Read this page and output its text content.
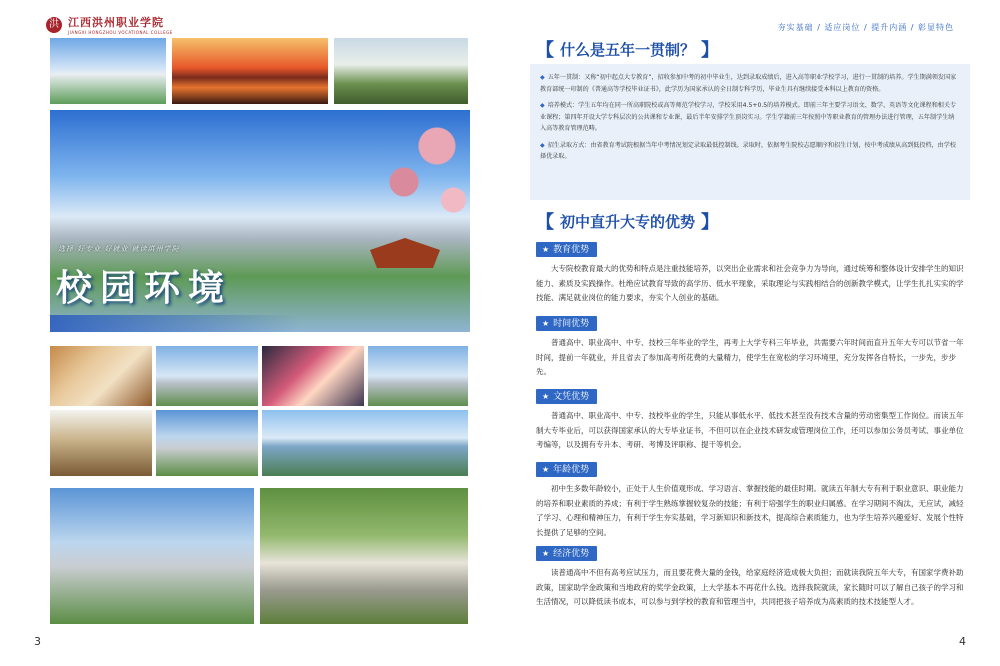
洪 江西洪州职业学院
JIANGXI HONGZHOU VOCATIONAL COLLEGE
选择 好专业 好就业 就读洪州学院
校园环境
3
夯实基础 / 适应岗位 / 提升内涵 / 彰显特色
【 什么是五年一贯制？ 】

◆ 五年一贯制：又称“初中起点大专教育”，招收参加中考的初中毕业生，达到录取成绩后，进入高等职业学校学习，进行一贯制的培养。学生期满领发国家教育部统一印制的《普通高等学校毕业证书》，此学历为国家承认的全日制专科学历，毕业生具有继续接受本科以上教育的资格。

◆ 培养模式：学生五年均在同一所高职院校或高等师范学校学习，学校采用4.5+0.5的培养模式。即前三年主要学习语文、数学、英语等文化课程和相关专业课程；第四年开设大学专科层次的公共课和专业课，最后半年安排学生顶岗实习。学生学籍前三年按照中等职业教育的管理办法进行管理，五年制学生纳入高等教育管理范畴。

◆ 招生录取方式：由省教育考试院根据当年中考情况划定录取最低控制线。录取时，依据考生院校志愿顺序和招生计划，按中考成绩从高到低投档，由学校择优录取。

【 初中直升大专的优势 】
★ 教育优势
大专院校教育最大的优势和特点是注重技能培养，以突出企业需求和社会竞争力为导向，通过统筹和整体设计安排学生的知识能力、素质及实践操作。杜绝应试教育导致的高学历、低水平现象，采取理论与实践相结合的创新教学模式，让学生扎扎实实的学技能、满足就业岗位的能力要求，夯实个人创业的基础。
★ 时间优势
普通高中、职业高中、中专、技校三年毕业的学生，再考上大学专科三年毕业，共需要六年时间而直升五年大专可以节省一年时间，提前一年就业，并且省去了参加高考所花费的大量精力，使学生在宽松的学习环境里，充分发挥各自特长，一步先，步步先。
★ 文凭优势
普通高中、职业高中、中专、技校毕业的学生，只能从事低水平、低技术甚至没有技术含量的劳动密集型工作岗位。而读五年制大专毕业后，可以获得国家承认的大专毕业证书，不但可以在企业技术研发或管理岗位工作，还可以参加公务员考试、事业单位考编等，以及拥有专升本、考研、考博及评职称、提干等机会。
★ 年龄优势
初中生多数年龄较小，正处于人生价值观形成、学习语言、掌握技能的最佳时期。就读五年制大专有利于职业意识、职业能力的培养和职业素质的养成；有利于学生熟练掌握较复杂的技能；有利于培强学生的职业归属感。在学习期间不淘汰，无应试，减轻了学习、心理和精神压力，有利于学生夯实基础，学习新知识和新技术，提高综合素质能力，也为学生培养兴趣爱好、发展个性特长提供了足够的空间。
★ 经济优势
读普通高中不但有高考应试压力，而且要花费大量的金钱，给家庭经济造成极大负担；而就读我院五年大专，有国家学费补助政策，国家助学金政策和当地政府的奖学金政策，上大学基本不再花什么钱。选择我院就读，家长随时可以了解自己孩子的学习和生活情况，可以降低读书成本，可以参与到学校的教育和管理当中，共同把孩子培养成为高素质的技术技能型人才。
4
